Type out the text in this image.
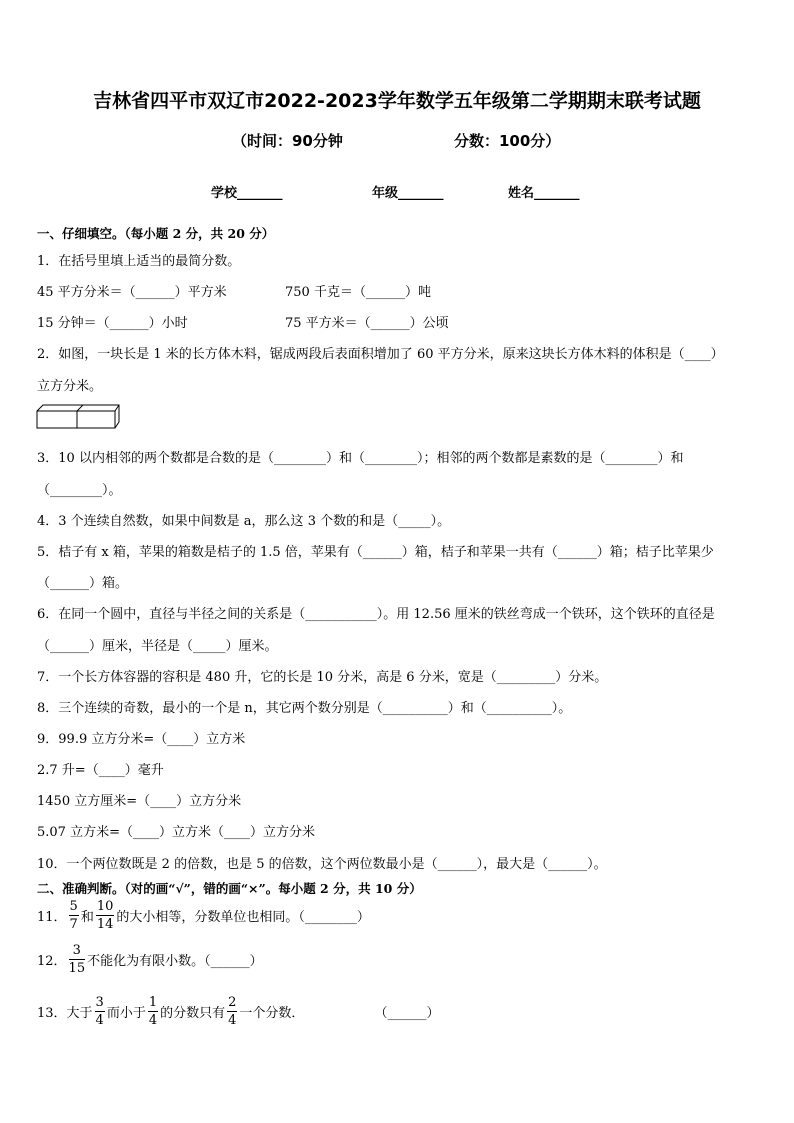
吉林省四平市双辽市2022-2023学年数学五年级第二学期期末联考试题
（时间：90分钟	分数：100分）
学校_______	年级_______	姓名_______
一、仔细填空。（每小题 2 分，共 20 分）
1．在括号里填上适当的最简分数。
45 平方分米＝（______）平方米	750 千克＝（______）吨
15 分钟＝（______）小时	75 平方米＝（______）公顷
2．如图，一块长是 1 米的长方体木料，锯成两段后表面积增加了 60 平方分米，原来这块长方体木料的体积是（____）
立方分米。
3．10 以内相邻的两个数都是合数的是（________）和（________）；相邻的两个数都是素数的是（________）和
（________）。
4．3 个连续自然数，如果中间数是 a，那么这 3 个数的和是（_____）。
5．桔子有 x 箱，苹果的箱数是桔子的 1.5 倍，苹果有（______）箱，桔子和苹果一共有（______）箱；桔子比苹果少
（______）箱。
6．在同一个圆中，直径与半径之间的关系是（___________）。用 12.56 厘米的铁丝弯成一个铁环，这个铁环的直径是
（______）厘米，半径是（_____）厘米。
7．一个长方体容器的容积是 480 升，它的长是 10 分米，高是 6 分米，宽是（_________）分米。
8．三个连续的奇数，最小的一个是 n，其它两个数分别是（__________）和（__________）。
9．99.9 立方分米=（____）立方米
2.7 升=（____）毫升
1450 立方厘米=（____）立方分米
5.07 立方米=（____）立方米（____）立方分米
10．一个两位数既是 2 的倍数，也是 5 的倍数，这个两位数最小是（______），最大是（______）。
二、准确判断。（对的画“√”，错的画“×”。每小题 2 分，共 10 分）
11． $\frac{5}{7}$ 和 $\frac{10}{14}$ 的大小相等，分数单位也相同。（________）
12． $\frac{3}{15}$ 不能化为有限小数。（______）
13．大于 $\frac{3}{4}$ 而小于 $\frac{1}{4}$ 的分数只有 $\frac{2}{4}$ 一个分数．	（______）
